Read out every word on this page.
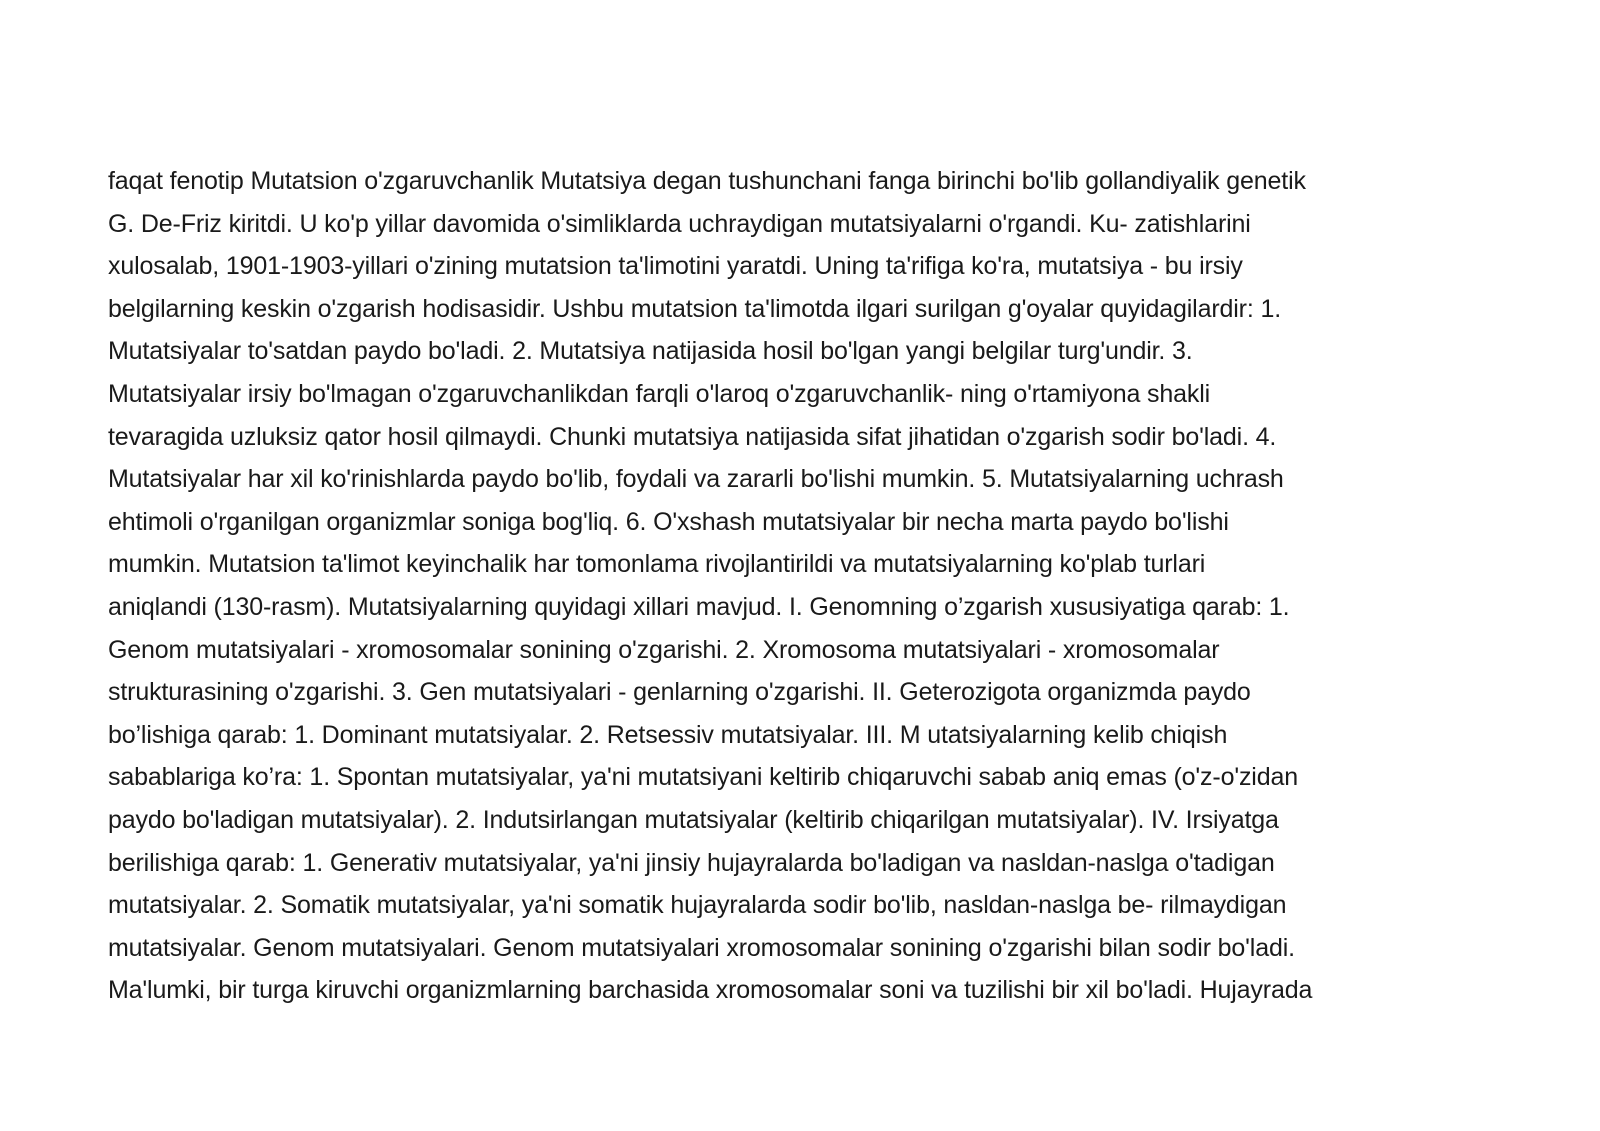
faqat fenotip Mutatsion o'zgaruvchanlik Mutatsiya degan tushunchani fanga birinchi bo'lib gollandiyalik genetik
G. De-Friz kiritdi. U ko'p yillar davomida o'simliklarda uchraydigan mutatsiyalarni o'rgandi. Ku- zatishlarini
xulosalab, 1901-1903-yillari o'zining mutatsion ta'limotini yaratdi. Uning ta'rifiga ko'ra, mutatsiya - bu irsiy
belgilarning keskin o'zgarish hodisasidir. Ushbu mutatsion ta'limotda ilgari surilgan g'oyalar quyidagilardir: 1.
Mutatsiyalar to'satdan paydo bo'ladi. 2. Mutatsiya natijasida hosil bo'lgan yangi belgilar turg'undir. 3.
Mutatsiyalar irsiy bo'lmagan o'zgaruvchanlikdan farqli o'laroq o'zgaruvchanlik- ning o'rtamiyona shakli
tevaragida uzluksiz qator hosil qilmaydi. Chunki mutatsiya natijasida sifat jihatidan o'zgarish sodir bo'ladi. 4.
Mutatsiyalar har xil ko'rinishlarda paydo bo'lib, foydali va zararli bo'lishi mumkin. 5. Mutatsiyalarning uchrash
ehtimoli o'rganilgan organizmlar soniga bog'liq. 6. O'xshash mutatsiyalar bir necha marta paydo bo'lishi
mumkin. Mutatsion ta'limot keyinchalik har tomonlama rivojlantirildi va mutatsiyalarning ko'plab turlari
aniqlandi (130-rasm). Mutatsiyalarning quyidagi xillari mavjud. I. Genomning o’zgarish xususiyatiga qarab: 1.
Genom mutatsiyalari - xromosomalar sonining o'zgarishi. 2. Xromosoma mutatsiyalari - xromosomalar
strukturasining o'zgarishi. 3. Gen mutatsiyalari - genlarning o'zgarishi. II. Geterozigota organizmda paydo
bo’lishiga qarab: 1. Dominant mutatsiyalar. 2. Retsessiv mutatsiyalar. III. M utatsiyalarning kelib chiqish
sabablariga ko’ra: 1. Spontan mutatsiyalar, ya'ni mutatsiyani keltirib chiqaruvchi sabab aniq emas (o'z-o'zidan
paydo bo'ladigan mutatsiyalar). 2. Indutsirlangan mutatsiyalar (keltirib chiqarilgan mutatsiyalar). IV. Irsiyatga
berilishiga qarab: 1. Generativ mutatsiyalar, ya'ni jinsiy hujayralarda bo'ladigan va nasldan-naslga o'tadigan
mutatsiyalar. 2. Somatik mutatsiyalar, ya'ni somatik hujayralarda sodir bo'lib, nasldan-naslga be- rilmaydigan
mutatsiyalar. Genom mutatsiyalari. Genom mutatsiyalari xromosomalar sonining o'zgarishi bilan sodir bo'ladi.
Ma'lumki, bir turga kiruvchi organizmlarning barchasida xromosomalar soni va tuzilishi bir xil bo'ladi. Hujayrada
